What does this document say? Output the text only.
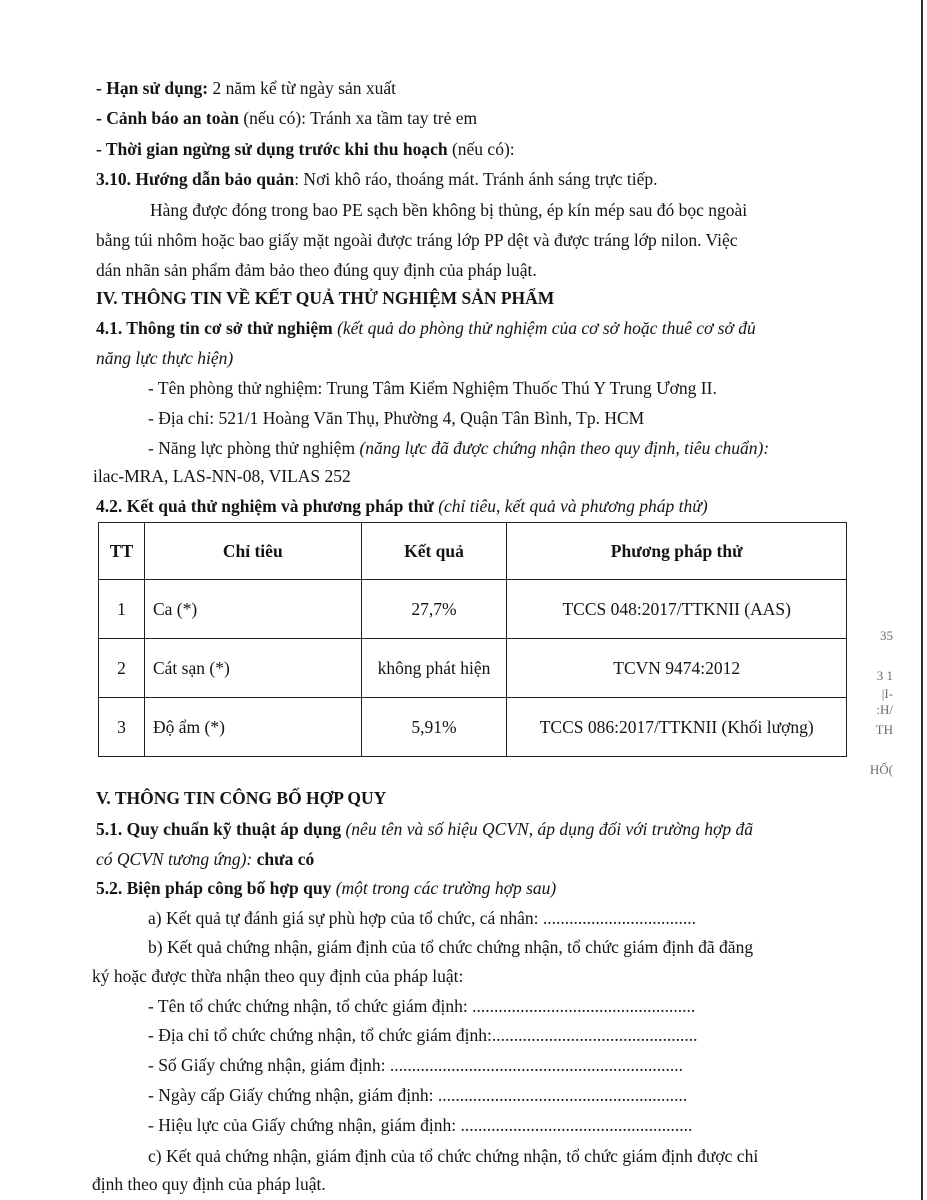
- Hạn sử dụng: 2 năm kể từ ngày sản xuất
- Cảnh báo an toàn (nếu có): Tránh xa tầm tay trẻ em
- Thời gian ngừng sử dụng trước khi thu hoạch (nếu có):
3.10. Hướng dẫn bảo quản: Nơi khô ráo, thoáng mát. Tránh ánh sáng trực tiếp.
Hàng được đóng trong bao PE sạch bền không bị thủng, ép kín mép sau đó bọc ngoài
bằng túi nhôm hoặc bao giấy mặt ngoài được tráng lớp PP dệt và được tráng lớp nilon. Việc
dán nhãn sản phẩm đảm bảo theo đúng quy định của pháp luật.
IV. THÔNG TIN VỀ KẾT QUẢ THỬ NGHIỆM SẢN PHẨM
4.1. Thông tin cơ sở thử nghiệm (kết quả do phòng thử nghiệm của cơ sở hoặc thuê cơ sở đủ
năng lực thực hiện)
- Tên phòng thử nghiệm: Trung Tâm Kiểm Nghiệm Thuốc Thú Y Trung Ương II.
- Địa chỉ: 521/1 Hoàng Văn Thụ, Phường 4, Quận Tân Bình, Tp. HCM
- Năng lực phòng thử nghiệm (năng lực đã được chứng nhận theo quy định, tiêu chuẩn):
ilac-MRA, LAS-NN-08, VILAS 252
4.2. Kết quả thử nghiệm và phương pháp thử (chỉ tiêu, kết quả và phương pháp thử)
TT	Chỉ tiêu	Kết quả	Phương pháp thử
1	Ca (*)	27,7%	TCCS 048:2017/TTKNII (AAS)
2	Cát sạn (*)	không phát hiện	TCVN 9474:2012
3	Độ ẩm (*)	5,91%	TCCS 086:2017/TTKNII (Khối lượng)
35
3 1
|I-
:H/
TH
HỐ(
V. THÔNG TIN CÔNG BỐ HỢP QUY
5.1. Quy chuẩn kỹ thuật áp dụng (nêu tên và số hiệu QCVN, áp dụng đối với trường hợp đã
có QCVN tương ứng): chưa có
5.2. Biện pháp công bố hợp quy (một trong các trường hợp sau)
a) Kết quả tự đánh giá sự phù hợp của tổ chức, cá nhân: ...................................
b) Kết quả chứng nhận, giám định của tổ chức chứng nhận, tổ chức giám định đã đăng
ký hoặc được thừa nhận theo quy định của pháp luật:
- Tên tổ chức chứng nhận, tổ chức giám định: ...................................................
- Địa chỉ tổ chức chứng nhận, tổ chức giám định:...............................................
- Số Giấy chứng nhận, giám định: ...................................................................
- Ngày cấp Giấy chứng nhận, giám định: .........................................................
- Hiệu lực của Giấy chứng nhận, giám định: .....................................................
c) Kết quả chứng nhận, giám định của tổ chức chứng nhận, tổ chức giám định được chỉ
định theo quy định của pháp luật.
